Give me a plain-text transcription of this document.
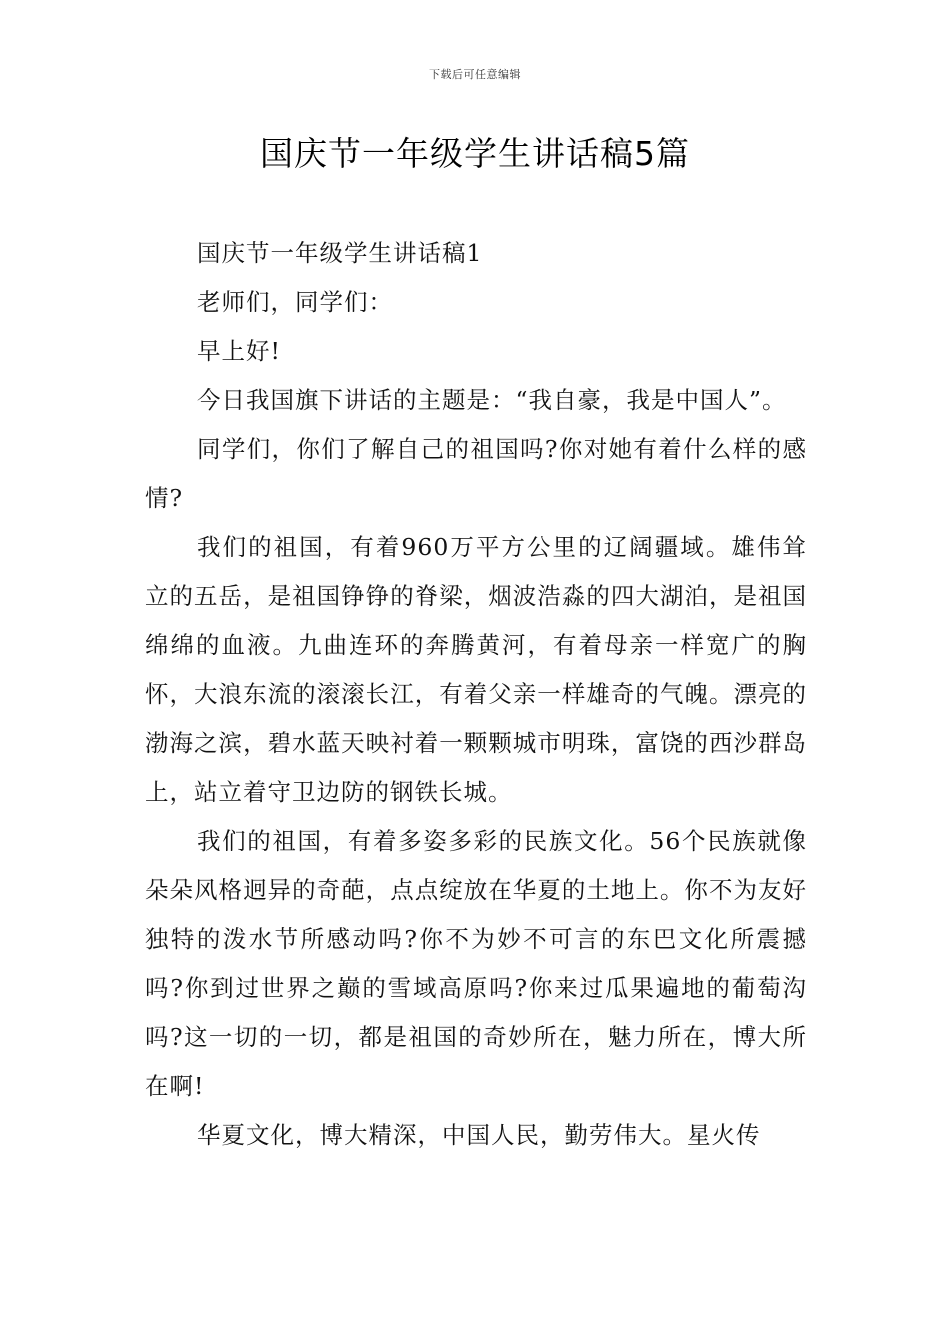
下载后可任意编辑
国庆节一年级学生讲话稿5篇

国庆节一年级学生讲话稿1

老师们，同学们：

早上好!

今日我国旗下讲话的主题是：“我自豪，我是中国人”。

同学们，你们了解自己的祖国吗?你对她有着什么样的感情?

我们的祖国，有着960万平方公里的辽阔疆域。雄伟耸立的五岳，是祖国铮铮的脊梁，烟波浩淼的四大湖泊，是祖国绵绵的血液。九曲连环的奔腾黄河，有着母亲一样宽广的胸怀，大浪东流的滚滚长江，有着父亲一样雄奇的气魄。漂亮的渤海之滨，碧水蓝天映衬着一颗颗城市明珠，富饶的西沙群岛上，站立着守卫边防的钢铁长城。

我们的祖国，有着多姿多彩的民族文化。56个民族就像朵朵风格迥异的奇葩，点点绽放在华夏的土地上。你不为友好独特的泼水节所感动吗?你不为妙不可言的东巴文化所震撼吗?你到过世界之巅的雪域高原吗?你来过瓜果遍地的葡萄沟吗?这一切的一切，都是祖国的奇妙所在，魅力所在，博大所在啊!

华夏文化，博大精深，中国人民，勤劳伟大。星火传
